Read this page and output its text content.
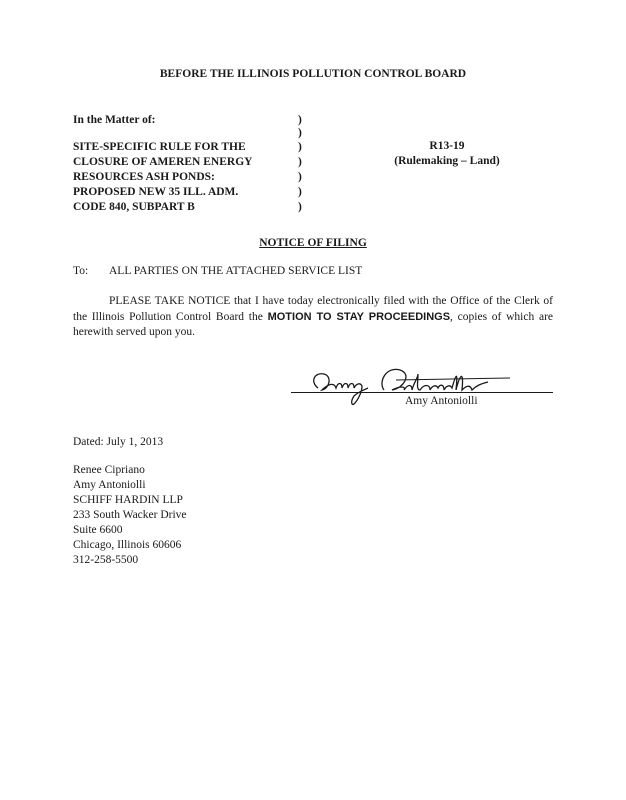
BEFORE THE ILLINOIS POLLUTION CONTROL BOARD
In the Matter of:
SITE-SPECIFIC RULE FOR THE
CLOSURE OF AMEREN ENERGY
RESOURCES ASH PONDS:
PROPOSED NEW 35 ILL. ADM.
CODE 840, SUBPART B
)
)
)
)
)
)
)
R13-19
(Rulemaking – Land)
NOTICE OF FILING
To: ALL PARTIES ON THE ATTACHED SERVICE LIST
PLEASE TAKE NOTICE that I have today electronically filed with the Office of the Clerk of the Illinois Pollution Control Board the MOTION TO STAY PROCEEDINGS, copies of which are herewith served upon you.
Amy Antoniolli
Dated: July 1, 2013
Renee Cipriano
Amy Antoniolli
SCHIFF HARDIN LLP
233 South Wacker Drive
Suite 6600
Chicago, Illinois 60606
312-258-5500
